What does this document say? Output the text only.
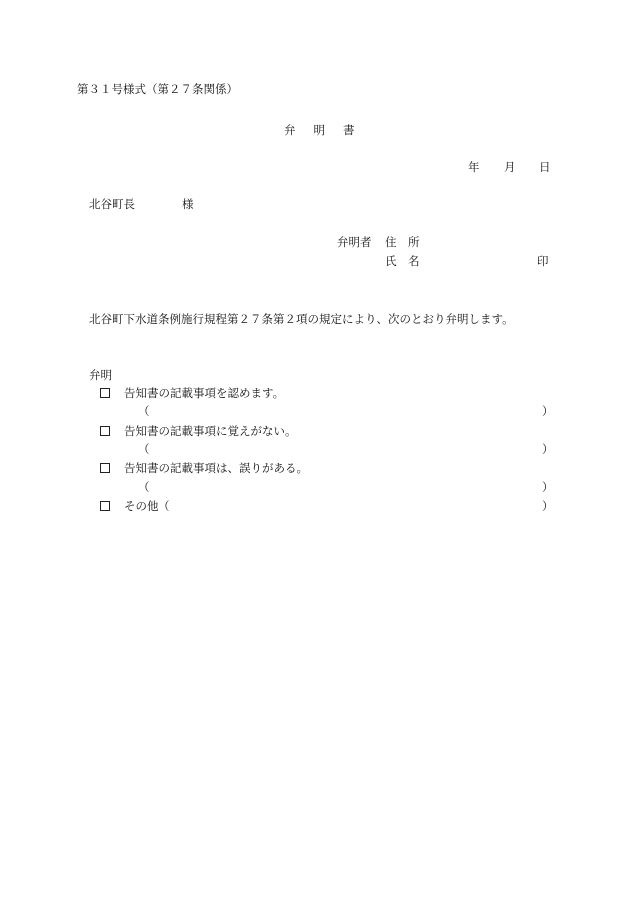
第３１号様式（第２７条関係）
弁 明 書
年 月 日
北谷町長	様
弁明者 住　所
氏　名	印
北谷町下水道条例施行規程第２７条第２項の規定により、次のとおり弁明します。
弁明
告知書の記載事項を認めます。
（	）
告知書の記載事項に覚えがない。
（	）
告知書の記載事項は、誤りがある。
（	）
その他 （	）
